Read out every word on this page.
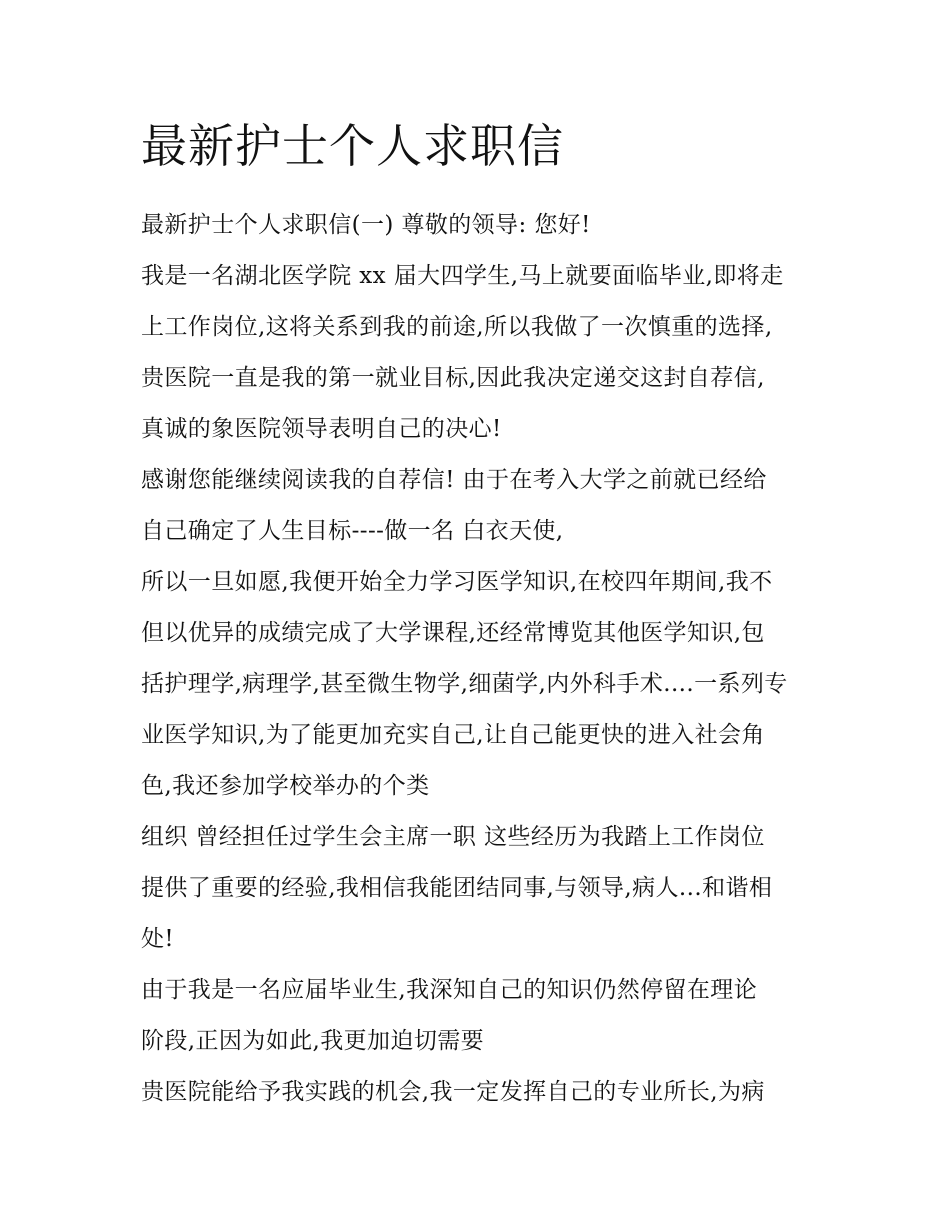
最新护士个人求职信

最新护士个人求职信(一) 尊敬的领导: 您好!

我是一名湖北医学院 xx 届大四学生,马上就要面临毕业,即将走

上工作岗位,这将关系到我的前途,所以我做了一次慎重的选择,

贵医院一直是我的第一就业目标,因此我决定递交这封自荐信,

真诚的象医院领导表明自己的决心!

感谢您能继续阅读我的自荐信! 由于在考入大学之前就已经给

自己确定了人生目标----做一名 白衣天使,

所以一旦如愿,我便开始全力学习医学知识,在校四年期间,我不

但以优异的成绩完成了大学课程,还经常博览其他医学知识,包

括护理学,病理学,甚至微生物学,细菌学,内外科手术....一系列专

业医学知识,为了能更加充实自己,让自己能更快的进入社会角

色,我还参加学校举办的个类

组织 曾经担任过学生会主席一职 这些经历为我踏上工作岗位

提供了重要的经验,我相信我能团结同事,与领导,病人...和谐相

处!

由于我是一名应届毕业生,我深知自己的知识仍然停留在理论

阶段,正因为如此,我更加迫切需要

贵医院能给予我实践的机会,我一定发挥自己的专业所长,为病
